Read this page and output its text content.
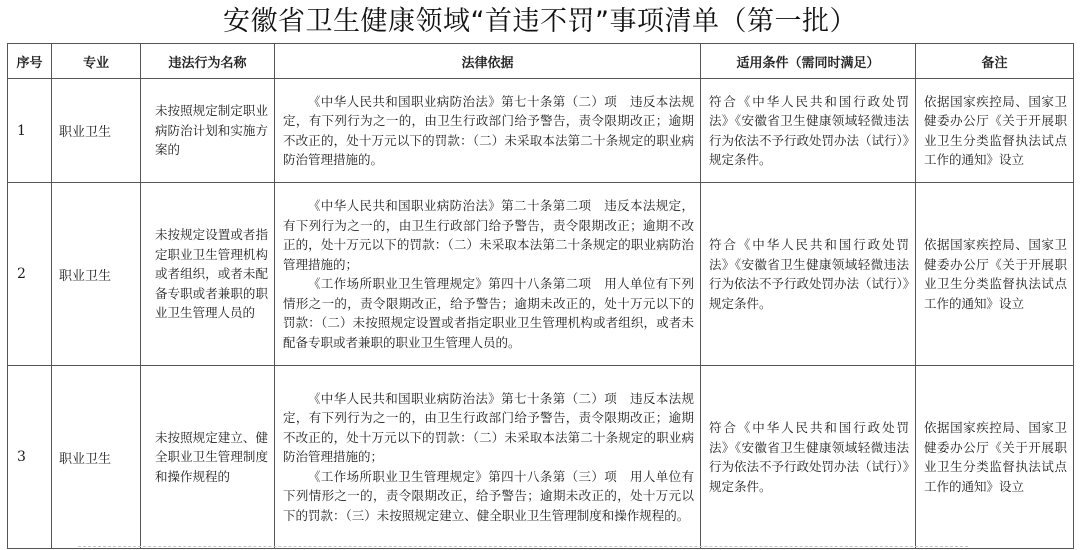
安徽省卫生健康领域“首违不罚”事项清单（第一批）
序号	专业	违法行为名称	法律依据	适用条件（需同时满足）	备注
1	职业卫生	未按照规定制定职业病防治计划和实施方案的	《中华人民共和国职业病防治法》第七十条第（二）项　违反本法规定，有下列行为之一的，由卫生行政部门给予警告，责令限期改正；逾期不改正的，处十万元以下的罚款：（二）未采取本法第二十条规定的职业病防治管理措施的。	符合《中华人民共和国行政处罚法》《安徽省卫生健康领域轻微违法行为依法不予行政处罚办法（试行）》规定条件。	依据国家疾控局、国家卫健委办公厅《关于开展职业卫生分类监督执法试点工作的通知》设立

2	职业卫生	未按规定设置或者指定职业卫生管理机构或者组织，或者未配备专职或者兼职的职业卫生管理人员的	《中华人民共和国职业病防治法》第二十条第二项　违反本法规定，有下列行为之一的，由卫生行政部门给予警告，责令限期改正；逾期不改正的，处十万元以下的罚款：（二）未采取本法第二十条规定的职业病防治管理措施的；
《工作场所职业卫生管理规定》第四十八条第二项　用人单位有下列情形之一的，责令限期改正，给予警告；逾期未改正的，处十万元以下的罚款：（二）未按照规定设置或者指定职业卫生管理机构或者组织，或者未配备专职或者兼职的职业卫生管理人员的。	符合《中华人民共和国行政处罚法》《安徽省卫生健康领域轻微违法行为依法不予行政处罚办法（试行）》规定条件。	依据国家疾控局、国家卫健委办公厅《关于开展职业卫生分类监督执法试点工作的通知》设立

3	职业卫生	未按照规定建立、健全职业卫生管理制度和操作规程的	《中华人民共和国职业病防治法》第七十条第（二）项　违反本法规定，有下列行为之一的，由卫生行政部门给予警告，责令限期改正；逾期不改正的，处十万元以下的罚款：（二）未采取本法第二十条规定的职业病防治管理措施的；
《工作场所职业卫生管理规定》第四十八条第（三）项　用人单位有下列情形之一的，责令限期改正，给予警告；逾期未改正的，处十万元以下的罚款：（三）未按照规定建立、健全职业卫生管理制度和操作规程的。	符合《中华人民共和国行政处罚法》《安徽省卫生健康领域轻微违法行为依法不予行政处罚办法（试行）》规定条件。	依据国家疾控局、国家卫健委办公厅《关于开展职业卫生分类监督执法试点工作的通知》设立
